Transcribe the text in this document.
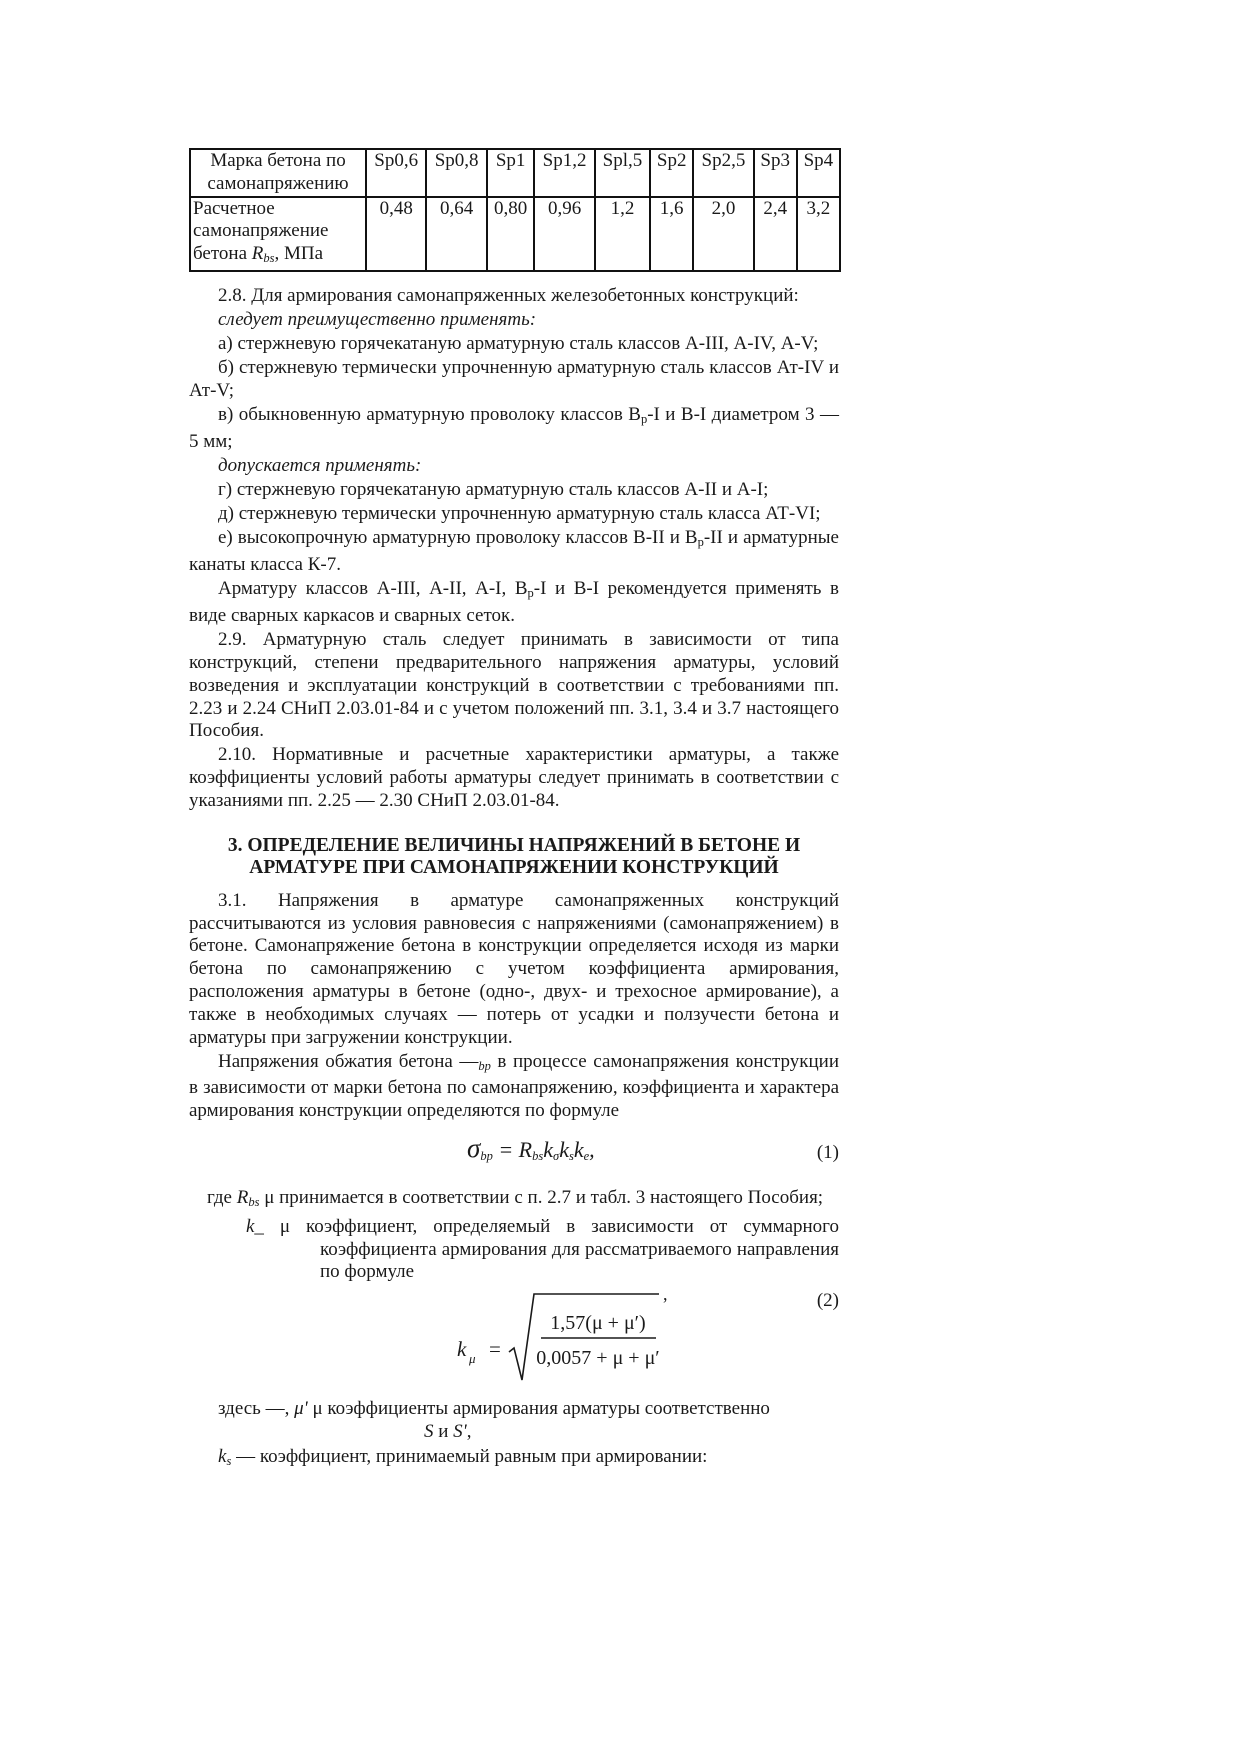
Марка бетона по самонапряжению	Sp0,6	Sp0,8	Sp1	Sp1,2	Spl,5	Sp2	Sp2,5	Sp3	Sp4
Расчетное самонапряжение бетона $R_{bs}$, МПа	0,48	0,64	0,80	0,96	1,2	1,6	2,0	2,4	3,2

2.8. Для армирования самонапряженных железобетонных конструкций:

следует преимущественно применять:

а) стержневую горячекатаную арматурную сталь классов А-III, А-IV, А-V;

б) стержневую термически упрочненную арматурную сталь классов Ат-IV и Ат-V;

в) обыкновенную арматурную проволоку классов Вр-I и В-I диаметром 3 — 5 мм;

допускается применять:

г) стержневую горячекатаную арматурную сталь классов А-II и А-I;

д) стержневую термически упрочненную арматурную сталь класса АТ-VI;

е) высокопрочную арматурную проволоку классов В-II и Вр-II и арматурные канаты класса К-7.

Арматуру классов А-III, А-II, А-I, Вр-I и В-I рекомендуется применять в виде сварных каркасов и сварных сеток.

2.9. Арматурную сталь следует принимать в зависимости от типа конструкций, степени предварительного напряжения арматуры, условий возведения и эксплуатации конструкций в соответствии с требованиями пп. 2.23 и 2.24 СНиП 2.03.01-84 и с учетом положений пп. 3.1, 3.4 и 3.7 настоящего Пособия.

2.10. Нормативные и расчетные характеристики арматуры, а также коэффициенты условий работы арматуры следует принимать в соответствии с указаниями пп. 2.25 — 2.30 СНиП 2.03.01-84.

3. ОПРЕДЕЛЕНИЕ ВЕЛИЧИНЫ НАПРЯЖЕНИЙ В БЕТОНЕ И
АРМАТУРЕ ПРИ САМОНАПРЯЖЕНИИ КОНСТРУКЦИЙ

3.1. Напряжения в арматуре самонапряженных конструкций рассчитываются из условия равновесия с напряжениями (самонапряжением) в бетоне. Самонапряжение бетона в конструкции определяется исходя из марки бетона по самонапряжению с учетом коэффициента армирования, расположения арматуры в бетоне (одно-, двух- и трехосное армирование), а также в необходимых случаях — потерь от усадки и ползучести бетона и арматуры при загружении конструкции.

Напряжения обжатия бетона $—_{bp}$ в процессе самонапряжения конструкции в зависимости от марки бетона по самонапряжению, коэффициента и характера армирования конструкции определяются по формуле

$\sigma_{bp} = R_{bs}k_\sigma k_sk_e$,	(1)

где $R_{bs}$ μ принимается в соответствии с п. 2.7 и табл. 3 настоящего Пособия;

k_ μ коэффициент, определяемый в зависимости от суммарного коэффициента армирования для рассматриваемого направления по формуле

(2)
k μ =
1,57(μ + μ′)
0,0057 + μ + μ′
,

здесь —, μ' μ коэффициенты армирования арматуры соответственно

S и S',

$k_s$ — коэффициент, принимаемый равным при армировании:
